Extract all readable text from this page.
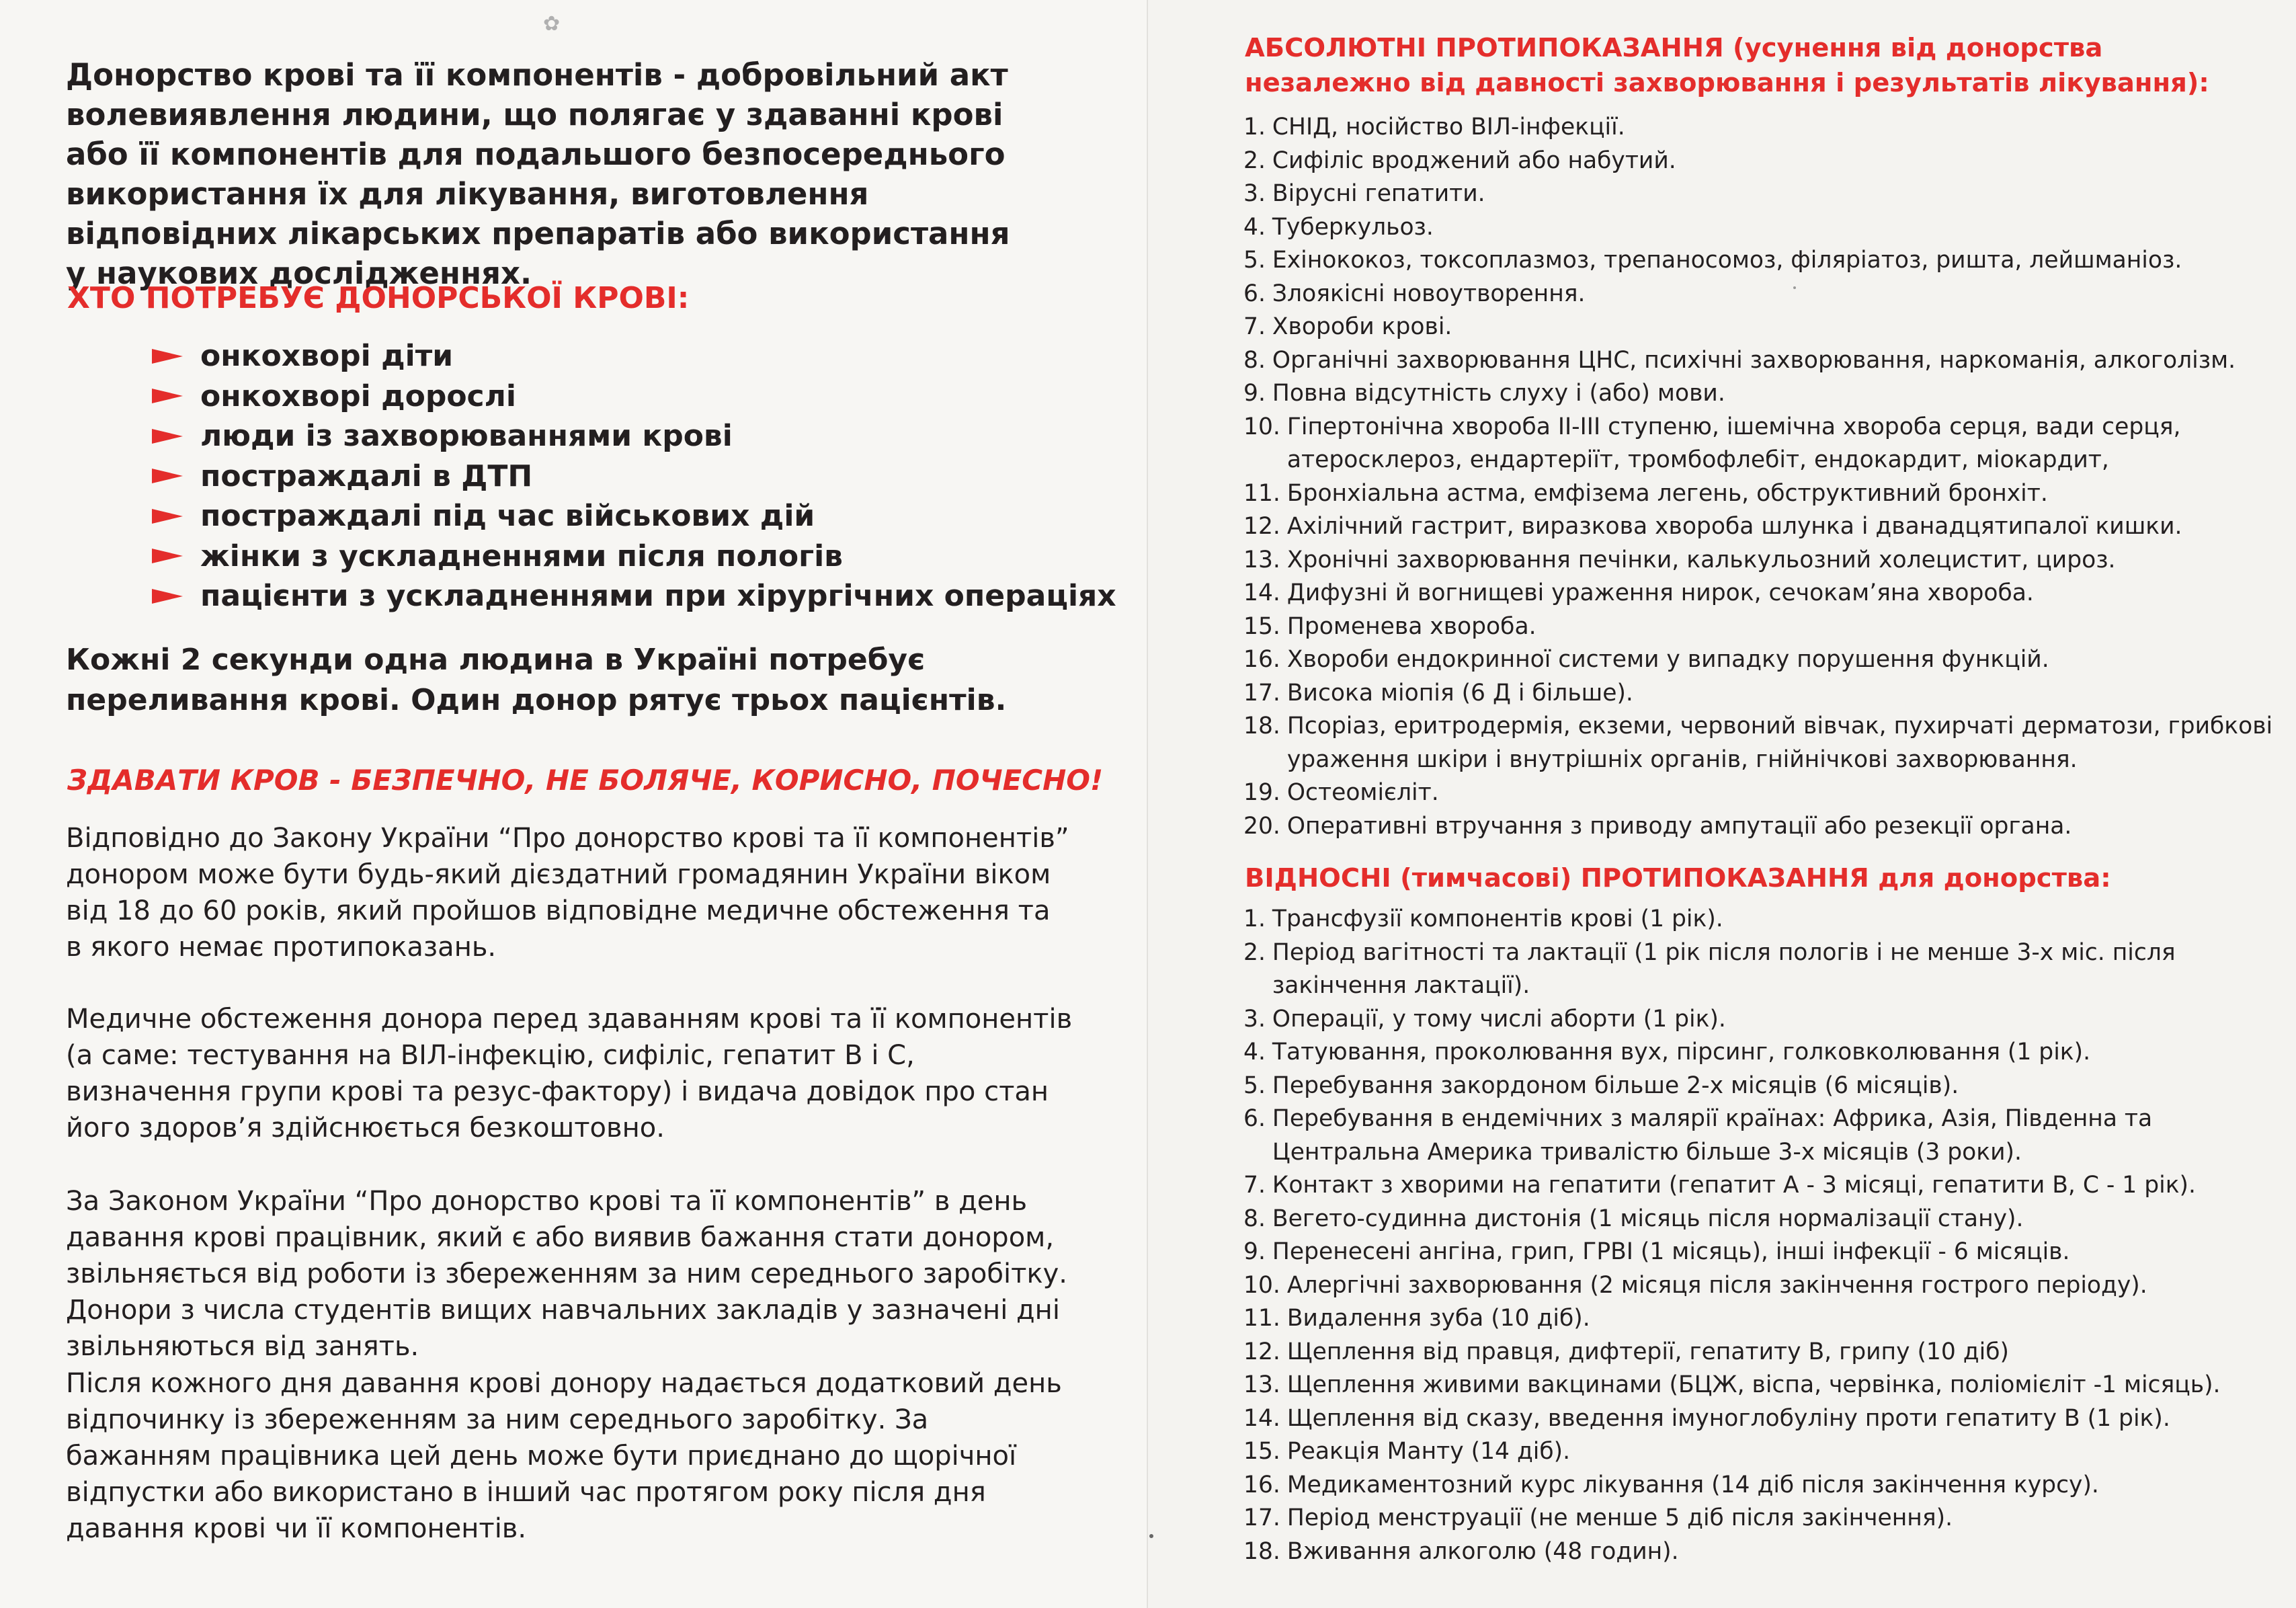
✿

Донорство крові та її компонентів - добровільний акт волевиявлення людини, що полягає у здаванні крові або її компонентів для подальшого безпосереднього використання їх для лікування, виготовлення відповідних лікарських препаратів або використання у наукових дослідженнях.

ХТО ПОТРЕБУЄ ДОНОРСЬКОЇ КРОВІ:
онкохворі діти
онкохворі дорослі
люди із захворюваннями крові
постраждалі в ДТП
постраждалі під час військових дій
жінки з ускладненнями після пологів
пацієнти з ускладненнями при хірургічних операціях

Кожні 2 секунди одна людина в Україні потребує переливання крові. Один донор рятує трьох пацієнтів.

ЗДАВАТИ КРОВ - БЕЗПЕЧНО, НЕ БОЛЯЧЕ, КОРИСНО, ПОЧЕСНО!

Відповідно до Закону України “Про донорство крові та її компонентів” донором може бути будь-який дієздатний громадянин України віком від 18 до 60 років, який пройшов відповідне медичне обстеження та в якого немає протипоказань.

Медичне обстеження донора перед здаванням крові та її компонентів (а саме: тестування на ВІЛ-інфекцію, сифіліс, гепатит В і С, визначення групи крові та резус-фактору) і видача довідок про стан його здоров’я здійснюється безкоштовно.

За Законом України “Про донорство крові та її компонентів” в день давання крові працівник, який є або виявив бажання стати донором, звільняється від роботи із збереженням за ним середнього заробітку. Донори з числа студентів вищих навчальних закладів у зазначені дні звільняються від занять.

Після кожного дня давання крові донору надається додатковий день відпочинку із збереженням за ним середнього заробітку. За бажанням працівника цей день може бути приєднано до щорічної відпустки або використано в інший час протягом року після дня давання крові чи її компонентів.

АБСОЛЮТНІ ПРОТИПОКАЗАННЯ (усунення від донорства незалежно від давності захворювання і результатів лікування):
1. СНІД, носійство ВІЛ-інфекції.
2. Сифіліс вроджений або набутий.
3. Вірусні гепатити.
4. Туберкульоз.
5. Ехінококоз, токсоплазмоз, трепаносомоз, філяріатоз, ришта, лейшманіоз.
6. Злоякісні новоутворення.
7. Хвороби крові.
8. Органічні захворювання ЦНС, психічні захворювання, наркоманія, алкоголізм.
9. Повна відсутність слуху і (або) мови.
10. Гіпертонічна хвороба II-III ступеню, ішемічна хвороба серця, вади серця, атеросклероз, ендартеріїт, тромбофлебіт, ендокардит, міокардит,
11. Бронхіальна астма, емфізема легень, обструктивний бронхіт.
12. Ахілічний гастрит, виразкова хвороба шлунка і дванадцятипалої кишки.
13. Хронічні захворювання печінки, калькульозний холецистит, цироз.
14. Дифузні й вогнищеві ураження нирок, сечокам’яна хвороба.
15. Променева хвороба.
16. Хвороби ендокринної системи у випадку порушення функцій.
17. Висока міопія (6 Д і більше).
18. Псоріаз, еритродермія, екземи, червоний вівчак, пухирчаті дерматози, грибкові ураження шкіри і внутрішніх органів, гнійнічкові захворювання.
19. Остеомієліт.
20. Оперативні втручання з приводу ампутації або резекції органа.
ВІДНОСНІ (тимчасові) ПРОТИПОКАЗАННЯ для донорства:
1. Трансфузії компонентів крові (1 рік).
2. Період вагітності та лактації (1 рік після пологів і не менше 3-х міс. після закінчення лактації).
3. Операції, у тому числі аборти (1 рік).
4. Татуювання, проколювання вух, пірсинг, голковколювання (1 рік).
5. Перебування закордоном більше 2-х місяців (6 місяців).
6. Перебування в ендемічних з малярії країнах: Африка, Азія, Південна та Центральна Америка тривалістю більше 3-х місяців (3 роки).
7. Контакт з хворими на гепатити (гепатит А - 3 місяці, гепатити В, С - 1 рік).
8. Вегето-судинна дистонія (1 місяць після нормалізації стану).
9. Перенесені ангіна, грип, ГРВІ (1 місяць), інші інфекції - 6 місяців.
10. Алергічні захворювання (2 місяця після закінчення гострого періоду).
11. Видалення зуба (10 діб).
12. Щеплення від правця, дифтерії, гепатиту В, грипу (10 діб)
13. Щеплення живими вакцинами (БЦЖ, віспа, червінка, поліомієліт -1 місяць).
14. Щеплення від сказу, введення імуноглобуліну проти гепатиту В (1 рік).
15. Реакція Манту (14 діб).
16. Медикаментозний курс лікування (14 діб після закінчення курсу).
17. Період менструації (не менше 5 діб після закінчення).
18. Вживання алкоголю (48 годин).
